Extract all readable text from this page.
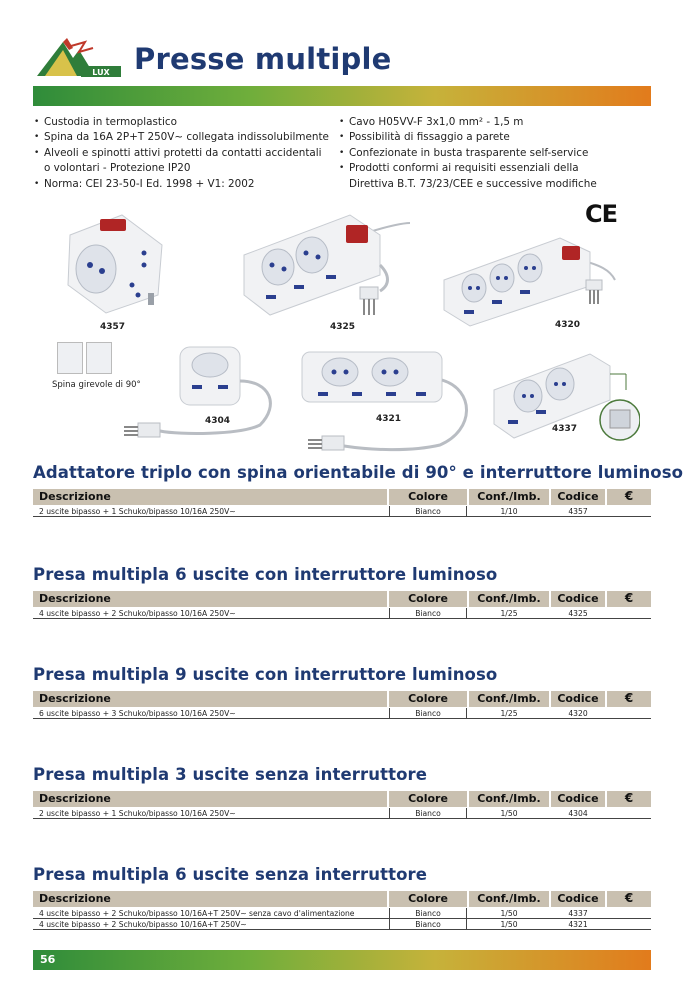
LUX Presse multiple
• Custodia in termoplastico
• Spina da 16A 2P+T 250V~ collegata indissolubilmente
• Alveoli e spinotti attivi protetti da contatti accidentali
o volontari - Protezione IP20
• Norma: CEI 23-50-I Ed. 1998 + V1: 2002
• Cavo H05VV-F 3x1,0 mm² - 1,5 m
• Possibilità di fissaggio a parete
• Confezionate in busta trasparente self-service
• Prodotti conformi ai requisiti essenziali della
Direttiva B.T. 73/23/CEE e successive modifiche
CE
4357	4325	4320
Spina girevole di 90°
4304	4321
4337
Adattatore triplo con spina orientabile di 90° e interruttore luminoso
Descrizione	Colore	Conf./Imb.	Codice	€
2 uscite bipasso + 1 Schuko/bipasso 10/16A 250V~	Bianco	1/10	4357
Presa multipla 6 uscite con interruttore luminoso
Descrizione	Colore	Conf./Imb.	Codice	€
4 uscite bipasso + 2 Schuko/bipasso 10/16A 250V~	Bianco	1/25	4325
Presa multipla 9 uscite con interruttore luminoso
Descrizione	Colore	Conf./Imb.	Codice	€
6 uscite bipasso + 3 Schuko/bipasso 10/16A 250V~	Bianco	1/25	4320
Presa multipla 3 uscite senza interruttore
Descrizione	Colore	Conf./Imb.	Codice	€
2 uscite bipasso + 1 Schuko/bipasso 10/16A 250V~	Bianco	1/50	4304
Presa multipla 6 uscite senza interruttore
Descrizione	Colore	Conf./Imb.	Codice	€
4 uscite bipasso + 2 Schuko/bipasso 10/16A+T 250V~ senza cavo d'alimentazione	Bianco	1/50	4337
4 uscite bipasso + 2 Schuko/bipasso 10/16A+T 250V~	Bianco	1/50	4321
56
